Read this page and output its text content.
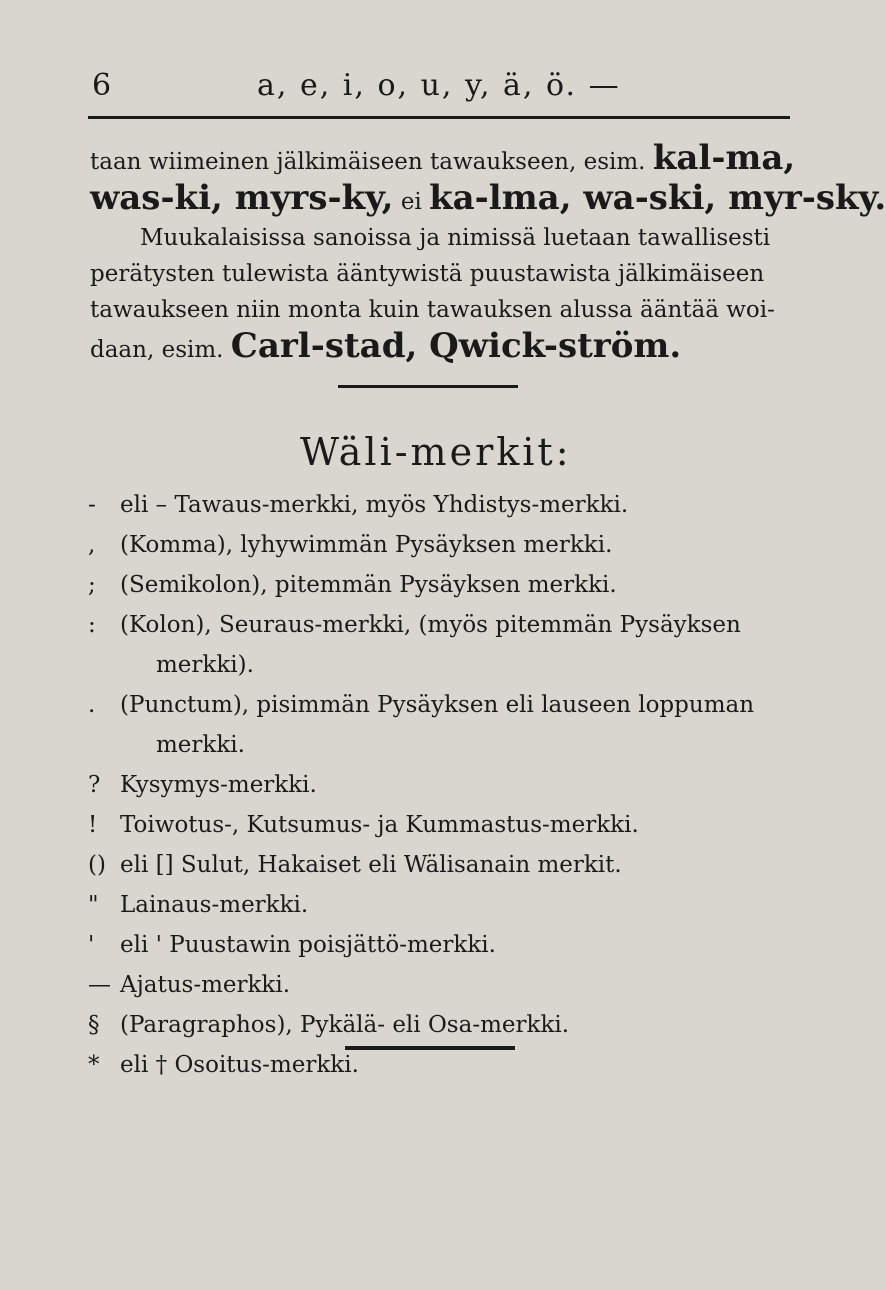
6	a, e, i, o, u, y, ä, ö. —
taan wiimeinen jälkimäiseen tawaukseen, esim. kal-ma,
was-ki, myrs-ky, ei ka-lma, wa-ski, myr-sky.
Muukalaisissa sanoissa ja nimissä luetaan tawallisesti
perätysten tulewista ääntywistä puustawista jälkimäiseen
tawaukseen niin monta kuin tawauksen alussa ääntää woi-
daan, esim. Carl-stad, Qwick-ström.
Wäli-merkit:
- eli – Tawaus-merkki, myös Yhdistys-merkki.
, (Komma), lyhywimmän Pysäyksen merkki.
; (Semikolon), pitemmän Pysäyksen merkki.
: (Kolon), Seuraus-merkki, (myös pitemmän Pysäyksen
merkki).
. (Punctum), pisimmän Pysäyksen eli lauseen loppuman
merkki.
? Kysymys-merkki.
! Toiwotus-, Kutsumus- ja Kummastus-merkki.
() eli [] Sulut, Hakaiset eli Wälisanain merkit.
" Lainaus-merkki.
' eli ' Puustawin poisjättö-merkki.
— Ajatus-merkki.
§ (Paragraphos), Pykälä- eli Osa-merkki.
* eli † Osoitus-merkki.
